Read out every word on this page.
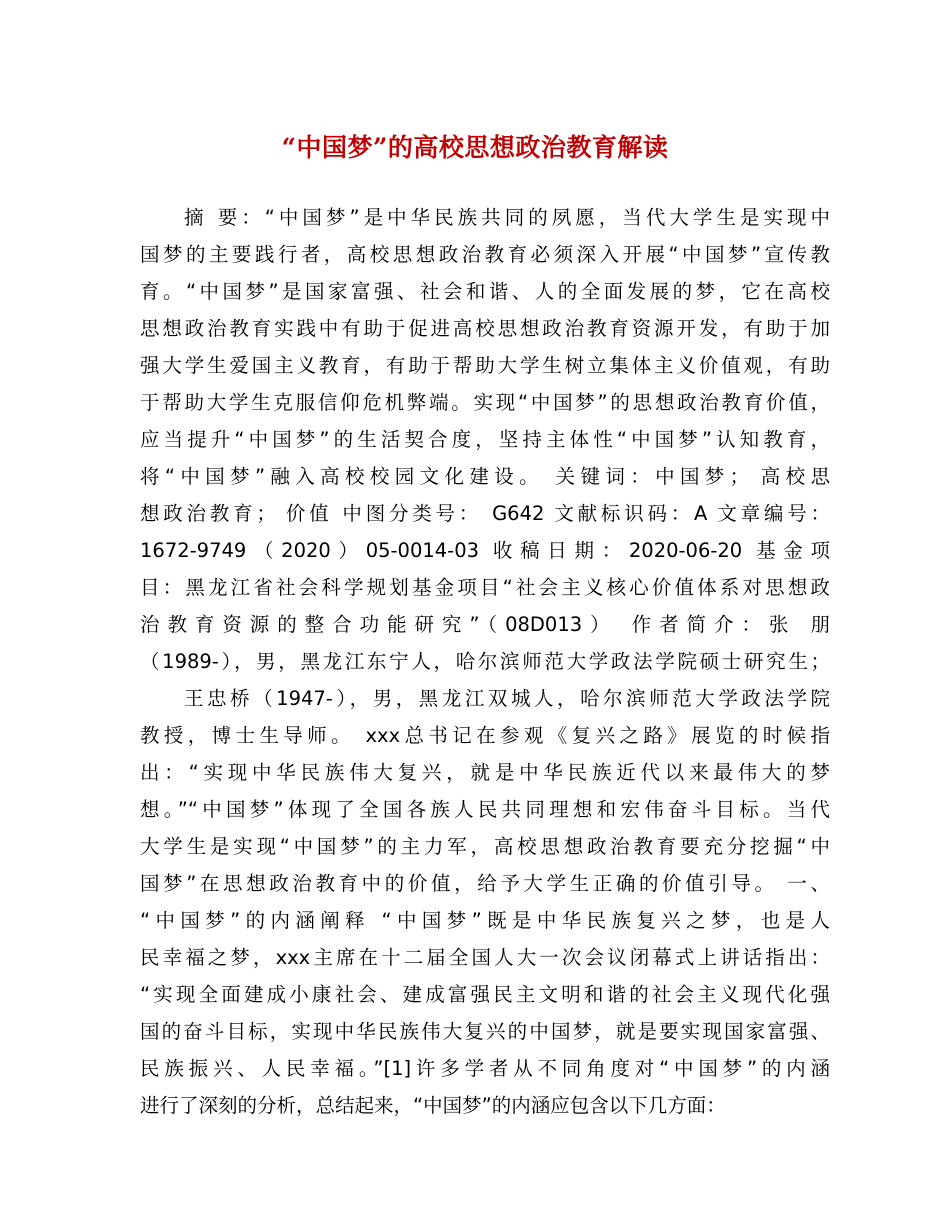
“中国梦”的高校思想政治教育解读
摘 要：“中国梦”是中华民族共同的夙愿，当代大学生是实现中
国梦的主要践行者，高校思想政治教育必须深入开展“中国梦”宣传教
育。“中国梦”是国家富强、社会和谐、人的全面发展的梦，它在高校
思想政治教育实践中有助于促进高校思想政治教育资源开发，有助于加
强大学生爱国主义教育，有助于帮助大学生树立集体主义价值观，有助
于帮助大学生克服信仰危机弊端。实现“中国梦”的思想政治教育价值，
应当提升“中国梦”的生活契合度，坚持主体性“中国梦”认知教育，
将“中国梦”融入高校校园文化建设。 关键词：中国梦； 高校思
想政治教育； 价值 中图分类号： G642 文献标识码：A 文章编号：
1672-9749（2020）05-0014-03 收稿日期：2020-06-20 基金项
目：黑龙江省社会科学规划基金项目“社会主义核心价值体系对思想政
治教育资源的整合功能研究”（08D013） 作者简介：张 朋
（1989-），男，黑龙江东宁人，哈尔滨师范大学政法学院硕士研究生；
王忠桥（1947-），男，黑龙江双城人，哈尔滨师范大学政法学院
教授，博士生导师。 xxx总书记在参观《复兴之路》展览的时候指
出：“实现中华民族伟大复兴，就是中华民族近代以来最伟大的梦
想。”“中国梦”体现了全国各族人民共同理想和宏伟奋斗目标。当代
大学生是实现“中国梦”的主力军，高校思想政治教育要充分挖掘“中
国梦”在思想政治教育中的价值，给予大学生正确的价值引导。 一、
“中国梦”的内涵阐释 “中国梦”既是中华民族复兴之梦，也是人
民幸福之梦，xxx主席在十二届全国人大一次会议闭幕式上讲话指出：
“实现全面建成小康社会、建成富强民主文明和谐的社会主义现代化强
国的奋斗目标，实现中华民族伟大复兴的中国梦，就是要实现国家富强、
民族振兴、人民幸福。”[1]许多学者从不同角度对“中国梦”的内涵
进行了深刻的分析，总结起来，“中国梦”的内涵应包含以下几方面：
